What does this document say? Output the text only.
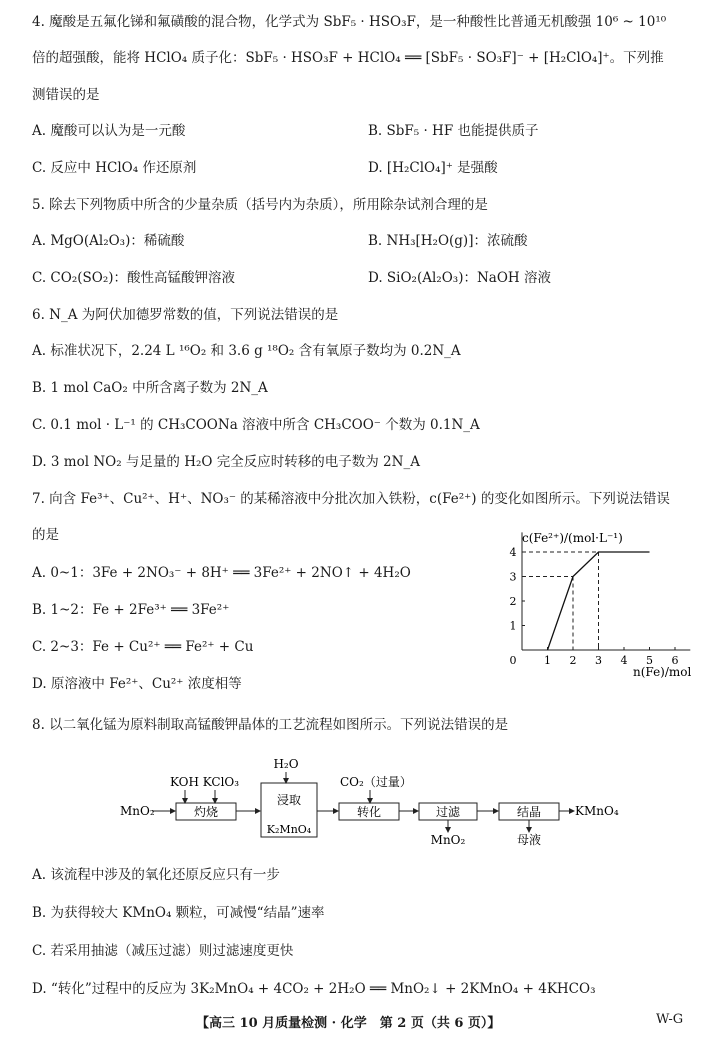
4. 魔酸是五氟化锑和氟磺酸的混合物，化学式为 SbF₅ · HSO₃F，是一种酸性比普通无机酸强 10⁶ ~ 10¹⁰
倍的超强酸，能将 HClO₄ 质子化：SbF₅ · HSO₃F + HClO₄ ══ [SbF₅ · SO₃F]⁻ + [H₂ClO₄]⁺。下列推
测错误的是
A. 魔酸可以认为是一元酸	B. SbF₅ · HF 也能提供质子
C. 反应中 HClO₄ 作还原剂	D. [H₂ClO₄]⁺ 是强酸
5. 除去下列物质中所含的少量杂质（括号内为杂质），所用除杂试剂合理的是
A. MgO(Al₂O₃)：稀硫酸	B. NH₃[H₂O(g)]：浓硫酸
C. CO₂(SO₂)：酸性高锰酸钾溶液	D. SiO₂(Al₂O₃)：NaOH 溶液
6. N_A 为阿伏加德罗常数的值，下列说法错误的是
A. 标准状况下，2.24 L ¹⁶O₂ 和 3.6 g ¹⁸O₂ 含有氧原子数均为 0.2N_A
B. 1 mol CaO₂ 中所含离子数为 2N_A
C. 0.1 mol · L⁻¹ 的 CH₃COONa 溶液中所含 CH₃COO⁻ 个数为 0.1N_A
D. 3 mol NO₂ 与足量的 H₂O 完全反应时转移的电子数为 2N_A
7. 向含 Fe³⁺、Cu²⁺、H⁺、NO₃⁻ 的某稀溶液中分批次加入铁粉，c(Fe²⁺) 的变化如图所示。下列说法错误
的是
A. 0~1：3Fe + 2NO₃⁻ + 8H⁺ ══ 3Fe²⁺ + 2NO↑ + 4H₂O
B. 1~2：Fe + 2Fe³⁺ ══ 3Fe²⁺
C. 2~3：Fe + Cu²⁺ ══ Fe²⁺ + Cu
D. 原溶液中 Fe²⁺、Cu²⁺ 浓度相等
c(Fe²⁺)/(mol·L⁻¹)
n(Fe)/mol
0	1 2 3 4 5 6
1
2
3
4
8. 以二氧化锰为原料制取高锰酸钾晶体的工艺流程如图所示。下列说法错误的是
MnO₂
KOH KClO₃
灼烧
H₂O
浸取
K₂MnO₄
CO₂（过量）
转化	过滤
MnO₂
结晶
母液
KMnO₄
A. 该流程中涉及的氧化还原反应只有一步
B. 为获得较大 KMnO₄ 颗粒，可减慢“结晶”速率
C. 若采用抽滤（减压过滤）则过滤速度更快
D. “转化”过程中的反应为 3K₂MnO₄ + 4CO₂ + 2H₂O ══ MnO₂↓ + 2KMnO₄ + 4KHCO₃
【高三 10 月质量检测 · 化学　第 2 页（共 6 页）】	W-G
